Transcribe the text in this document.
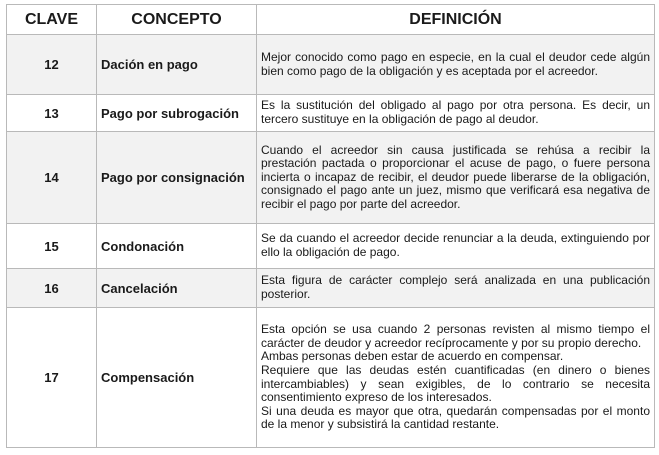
CLAVE	CONCEPTO	DEFINICIÓN
12	Dación en pago	Mejor conocido como pago en especie, en la cual el deudor cede algún bien como pago de la obligación y es aceptada por el acreedor.
13	Pago por subrogación	Es la sustitución del obligado al pago por otra persona. Es decir, un tercero sustituye en la obligación de pago al deudor.
14	Pago por consignación	Cuando el acreedor sin causa justificada se rehúsa a recibir la prestación pactada o proporcionar el acuse de pago, o fuere persona incierta o incapaz de recibir, el deudor puede liberarse de la obligación, consignado el pago ante un juez, mismo que verificará esa negativa de recibir el pago por parte del acreedor.
15	Condonación	Se da cuando el acreedor decide renunciar a la deuda, extinguiendo por ello la obligación de pago.
16	Cancelación	Esta figura de carácter complejo será analizada en una publicación posterior.
17	Compensación	Esta opción se usa cuando 2 personas revisten al mismo tiempo el carácter de deudor y acreedor recíprocamente y por su propio derecho.
Ambas personas deben estar de acuerdo en compensar.
Requiere que las deudas estén cuantificadas (en dinero o bienes intercambiables) y sean exigibles, de lo contrario se necesita consentimiento expreso de los interesados.
Si una deuda es mayor que otra, quedarán compensadas por el monto de la menor y subsistirá la cantidad restante.
